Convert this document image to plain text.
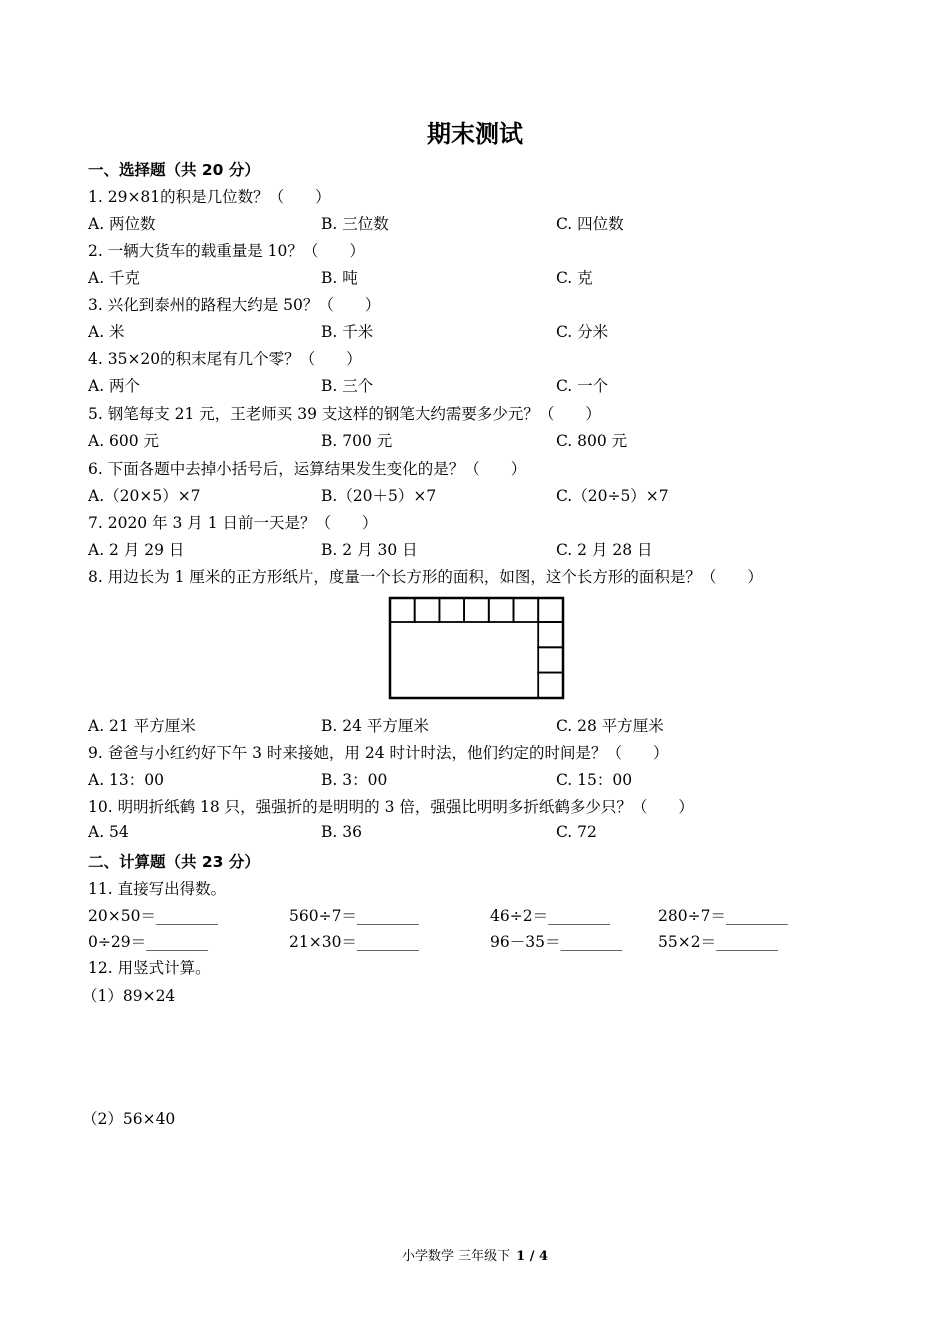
期末测试
一、选择题（共 20 分）
1. 29×81的积是几位数？（　　）
A. 两位数	B. 三位数	C. 四位数
2. 一辆大货车的载重量是 10？（　　）
A. 千克	B. 吨	C. 克
3. 兴化到泰州的路程大约是 50？（　　）
A. 米	B. 千米	C. 分米
4. 35×20的积末尾有几个零？（　　）
A. 两个	B. 三个	C. 一个
5. 钢笔每支 21 元，王老师买 39 支这样的钢笔大约需要多少元？（　　）
A. 600 元	B. 700 元	C. 800 元
6. 下面各题中去掉小括号后，运算结果发生变化的是？（　　）
A.（20×5）×7	B.（20＋5）×7	C.（20÷5）×7
7. 2020 年 3 月 1 日前一天是？（　　）
A. 2 月 29 日	B. 2 月 30 日	C. 2 月 28 日
8. 用边长为 1 厘米的正方形纸片，度量一个长方形的面积，如图，这个长方形的面积是？（　　）
A. 21 平方厘米	B. 24 平方厘米	C. 28 平方厘米
9. 爸爸与小红约好下午 3 时来接她，用 24 时计时法，他们约定的时间是？（　　）
A. 13：00	B. 3：00	C. 15：00
10. 明明折纸鹤 18 只，强强折的是明明的 3 倍，强强比明明多折纸鹤多少只？（　　）
A. 54	B. 36	C. 72
二、计算题（共 23 分）
11. 直接写出得数。
20×50＝________	560÷7＝________	46÷2＝________	280÷7＝________
0÷29＝________	21×30＝________	96－35＝________ 55×2＝________
12. 用竖式计算。
（1）89×24
（2）56×40
小学数学 三年级下 1 / 4
